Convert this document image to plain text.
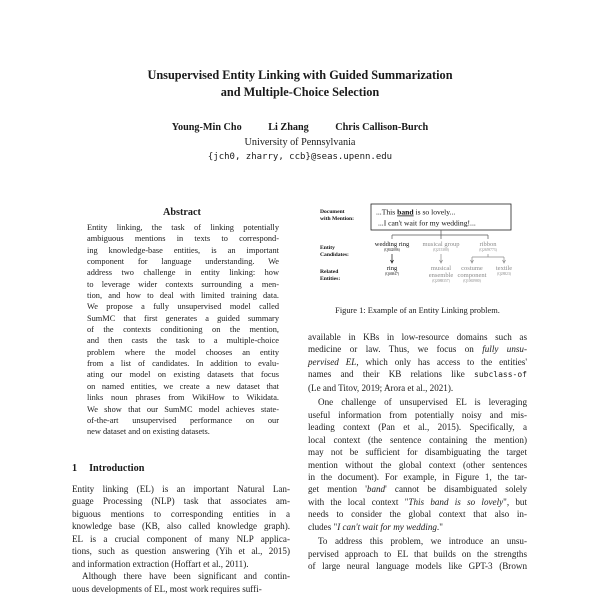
Unsupervised Entity Linking with Guided Summarization
and Multiple-Choice Selection
Young-Min Cho	Li Zhang	Chris Callison-Burch
University of Pennsylvania
{jch0, zharry, ccb}@seas.upenn.edu
Abstract
Entity linking, the task of linking potentially
ambiguous mentions in texts to correspond-
ing knowledge-base entities, is an important
component for language understanding. We
address two challenge in entity linking: how
to leverage wider contexts surrounding a men-
tion, and how to deal with limited training data.
We propose a fully unsupervised model called
SumMC that first generates a guided summary
of the contexts conditioning on the mention,
and then casts the task to a multiple-choice
problem where the model chooses an entity
from a list of candidates. In addition to evalu-
ating our model on existing datasets that focus
on named entities, we create a new dataset that
links noun phrases from WikiHow to Wikidata.
We show that our SumMC model achieves state-
of-the-art unsupervised performance on our
new dataset and on existing datasets.
1 Introduction
Entity linking (EL) is an important Natural Lan-
guage Processing (NLP) task that associates am-
biguous mentions to corresponding entities in a
knowledge base (KB, also called knowledge graph).
EL is a crucial component of many NLP applica-
tions, such as question answering (Yih et al., 2015)
and information extraction (Hoffart et al., 2011).
Although there have been significant and contin-
uous developments of EL, most work requires suffi-
Document
with Mention:
Entity
Candidates:
Related
Entities:
...This band is so lovely...
...I can't wait for my wedding!...
wedding ring
(Q842086)
musical group
(Q215380)
ribbon
(Q2659773)
ring
(Q46847)
musical
ensemble
(Q2088357)
costume
component
(Q1065980)
textile
(Q28823)
Figure 1: Example of an Entity Linking problem.
available in KBs in low-resource domains such as
medicine or law. Thus, we focus on fully unsu-
pervised EL, which only has access to the entities'
names and their KB relations like subclass-of
(Le and Titov, 2019; Arora et al., 2021).
One challenge of unsupervised EL is leveraging
useful information from potentially noisy and mis-
leading context (Pan et al., 2015). Specifically, a
local context (the sentence containing the mention)
may not be sufficient for disambiguating the target
mention without the global context (other sentences
in the document). For example, in Figure 1, the tar-
get mention 'band' cannot be disambiguated solely
with the local context "This band is so lovely", but
needs to consider the global context that also in-
cludes "I can't wait for my wedding."
To address this problem, we introduce an unsu-
pervised approach to EL that builds on the strengths
of large neural language models like GPT-3 (Brown
